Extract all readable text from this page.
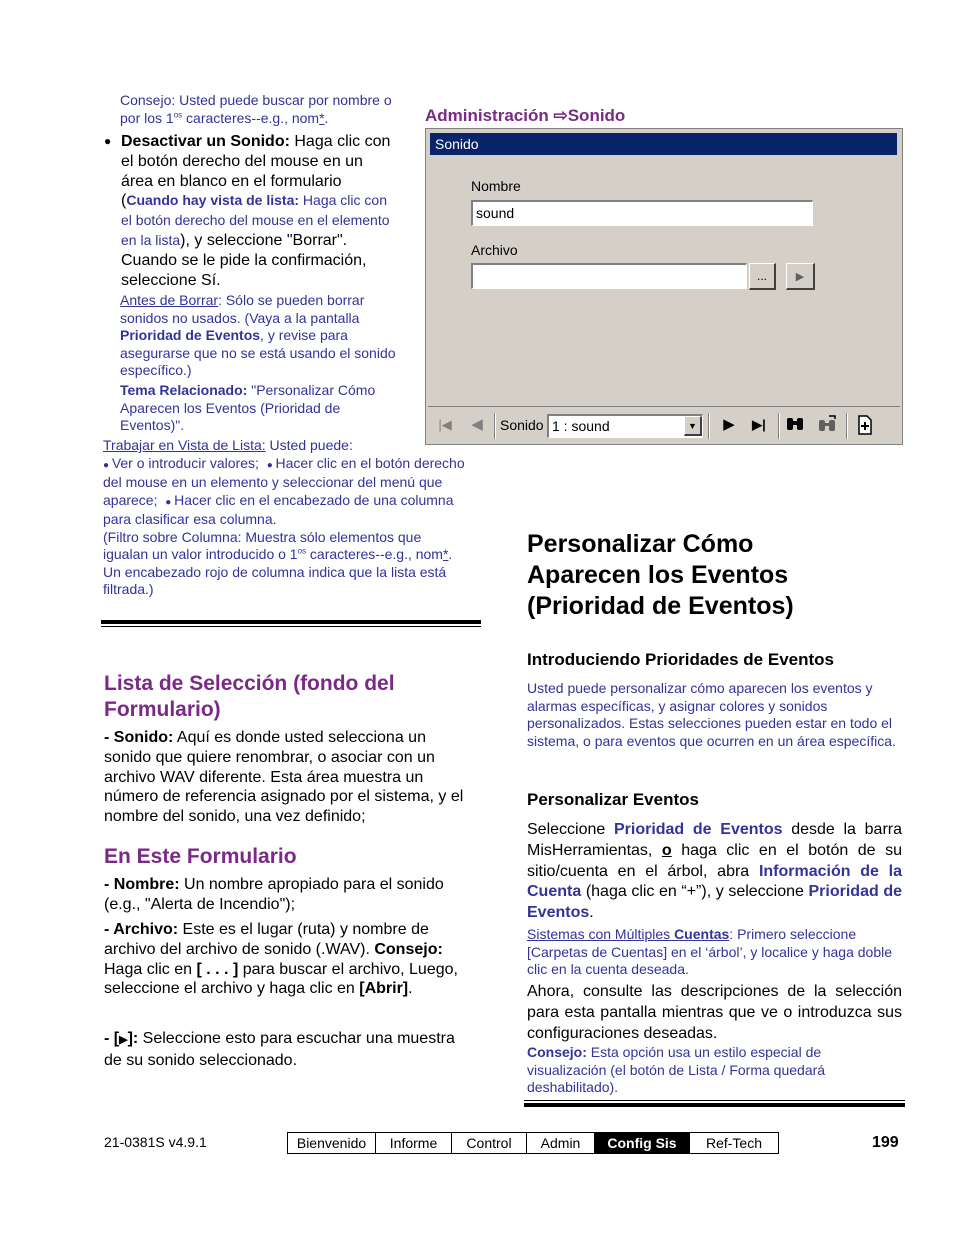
Consejo: Usted puede buscar por nombre o por los $1^{os}$ caracteres--e.g., nom*.
● Desactivar un Sonido: Haga clic con el botón derecho del mouse en un área en blanco en el formulario (Cuando hay vista de lista: Haga clic con el botón derecho del mouse en el elemento en la lista), y seleccione "Borrar". Cuando se le pide la confirmación, seleccione Sí.
Antes de Borrar: Sólo se pueden borrar sonidos no usados. (Vaya a la pantalla Prioridad de Eventos, y revise para asegurarse que no se está usando el sonido específico.)
Tema Relacionado: "Personalizar Cómo Aparecen los Eventos (Prioridad de Eventos)".
Trabajar en Vista de Lista: Usted puede:
● Ver o introducir valores; ● Hacer clic en el botón derecho del mouse en un elemento y seleccionar del menú que aparece; ● Hacer clic en el encabezado de una columna para clasificar esa columna.
(Filtro sobre Columna: Muestra sólo elementos que igualan un valor introducido o $1^{os}$ caracteres--e.g., nom*. Un encabezado rojo de columna indica que la lista está filtrada.)
Lista de Selección (fondo del Formulario)
- Sonido: Aquí es donde usted selecciona un sonido que quiere renombrar, o asociar con un archivo WAV diferente. Esta área muestra un número de referencia asignado por el sistema, y el nombre del sonido, una vez definido;
En Este Formulario
- Nombre: Un nombre apropiado para el sonido (e.g., "Alerta de Incendio");
- Archivo: Este es el lugar (ruta) y nombre de archivo del archivo de sonido (.WAV). Consejo: Haga clic en [ . . . ] para buscar el archivo, Luego, seleccione el archivo y haga clic en [Abrir].
- [▶]: Seleccione esto para escuchar una muestra de su sonido seleccionado.
Administración ⇨Sonido
Sonido
Nombre
sound
Archivo
...	▶
|◀	◀	Sonido 1 : sound	▼	▶	▶|
Personalizar Cómo Aparecen los Eventos (Prioridad de Eventos)
Introduciendo Prioridades de Eventos
Usted puede personalizar cómo aparecen los eventos y alarmas específicas, y asignar colores y sonidos personalizados. Estas selecciones pueden estar en todo el sistema, o para eventos que ocurren en un área específica.
Personalizar Eventos
Seleccione Prioridad de Eventos desde la barra MisHerramientas, o haga clic en el botón de su sitio/cuenta en el árbol, abra Información de la Cuenta (haga clic en “+”), y seleccione Prioridad de Eventos.
Sistemas con Múltiples Cuentas: Primero seleccione [Carpetas de Cuentas] en el ‘árbol’, y localice y haga doble clic en la cuenta deseada.
Ahora, consulte las descripciones de la selección para esta pantalla mientras que ve o introduzca sus configuraciones deseadas.
Consejo: Esta opción usa un estilo especial de visualización (el botón de Lista / Forma quedará deshabilitado).
21-0381S v4.9.1	Bienvenido	Informe	Control	Admin	Config Sis	Ref-Tech	199
